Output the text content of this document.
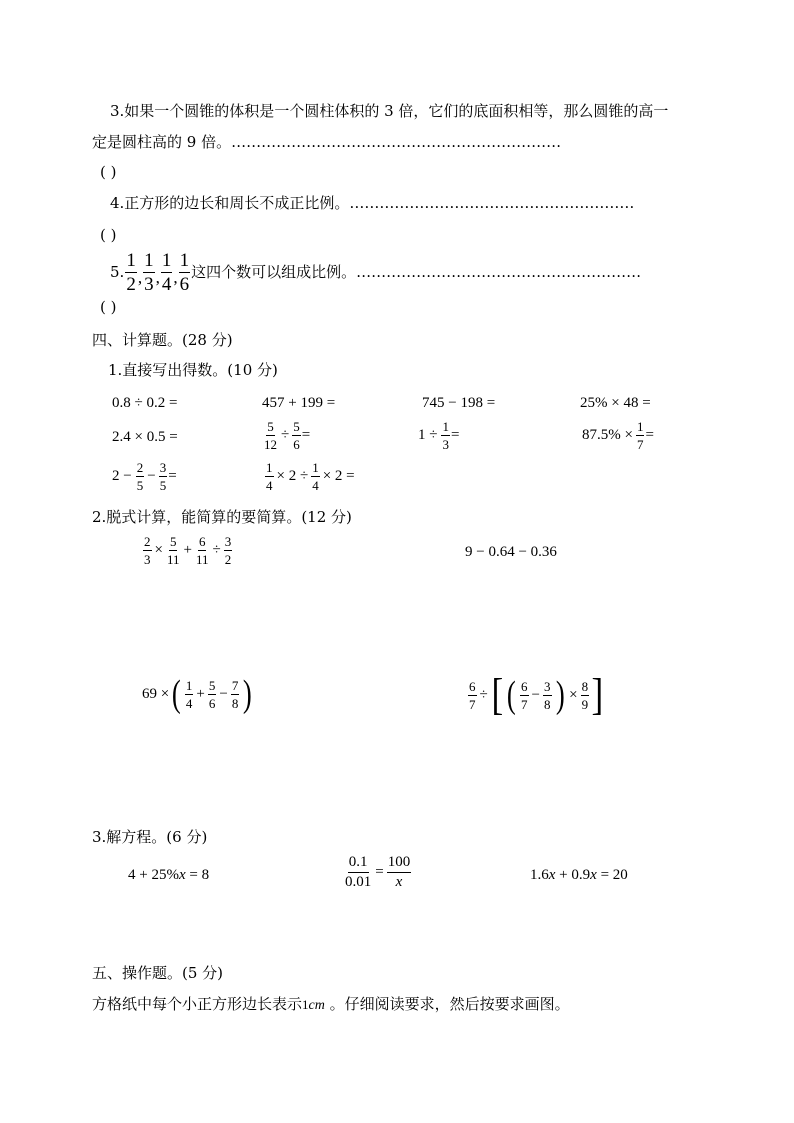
3.如果一个圆锥的体积是一个圆柱体积的 3 倍，它们的底面积相等，那么圆锥的高一
定是圆柱高的 9 倍。…………………………………………………………
( )
4.正方形的边长和周长不成正比例。…………………………………………………
( )
5. $\frac{1}{2}$ , $\frac{1}{3}$ , $\frac{1}{4}$ , $\frac{1}{6}$ 这四个数可以组成比例。…………………………………………………
( )
四、计算题。(28 分)
1.直接写出得数。(10 分)
0.8 ÷ 0.2 =	457 + 199 =	745 − 198 =	25% × 48 =
2.4 × 0.5 =	$\frac{5}{12} \div \frac{5}{6}$ =	$1 \div \frac{1}{3}$ =	$87.5\% \times \frac{1}{7}$ =
$2 - \frac{2}{5} - \frac{3}{5}$ =	$\frac{1}{4} \times 2 \div \frac{1}{4} \times 2$ =
2.脱式计算，能简算的要简算。(12 分)
$\frac{2}{3} \times \frac{5}{11} + \frac{6}{11} \div \frac{3}{2}$	9 − 0.64 − 0.36
69 × ( $\frac{1}{4} + \frac{5}{6} - \frac{7}{8}$ )	$\frac{6}{7}$ ÷ [ ( $\frac{6}{7} - \frac{3}{8}$ ) × $\frac{8}{9}$ ]
3.解方程。(6 分)
4 + 25%x = 8	$\frac{0.1}{0.01} = \frac{100}{x}$	1.6x + 0.9x = 20
五、操作题。(5 分)
方格纸中每个小正方形边长表示1cm 。仔细阅读要求，然后按要求画图。
